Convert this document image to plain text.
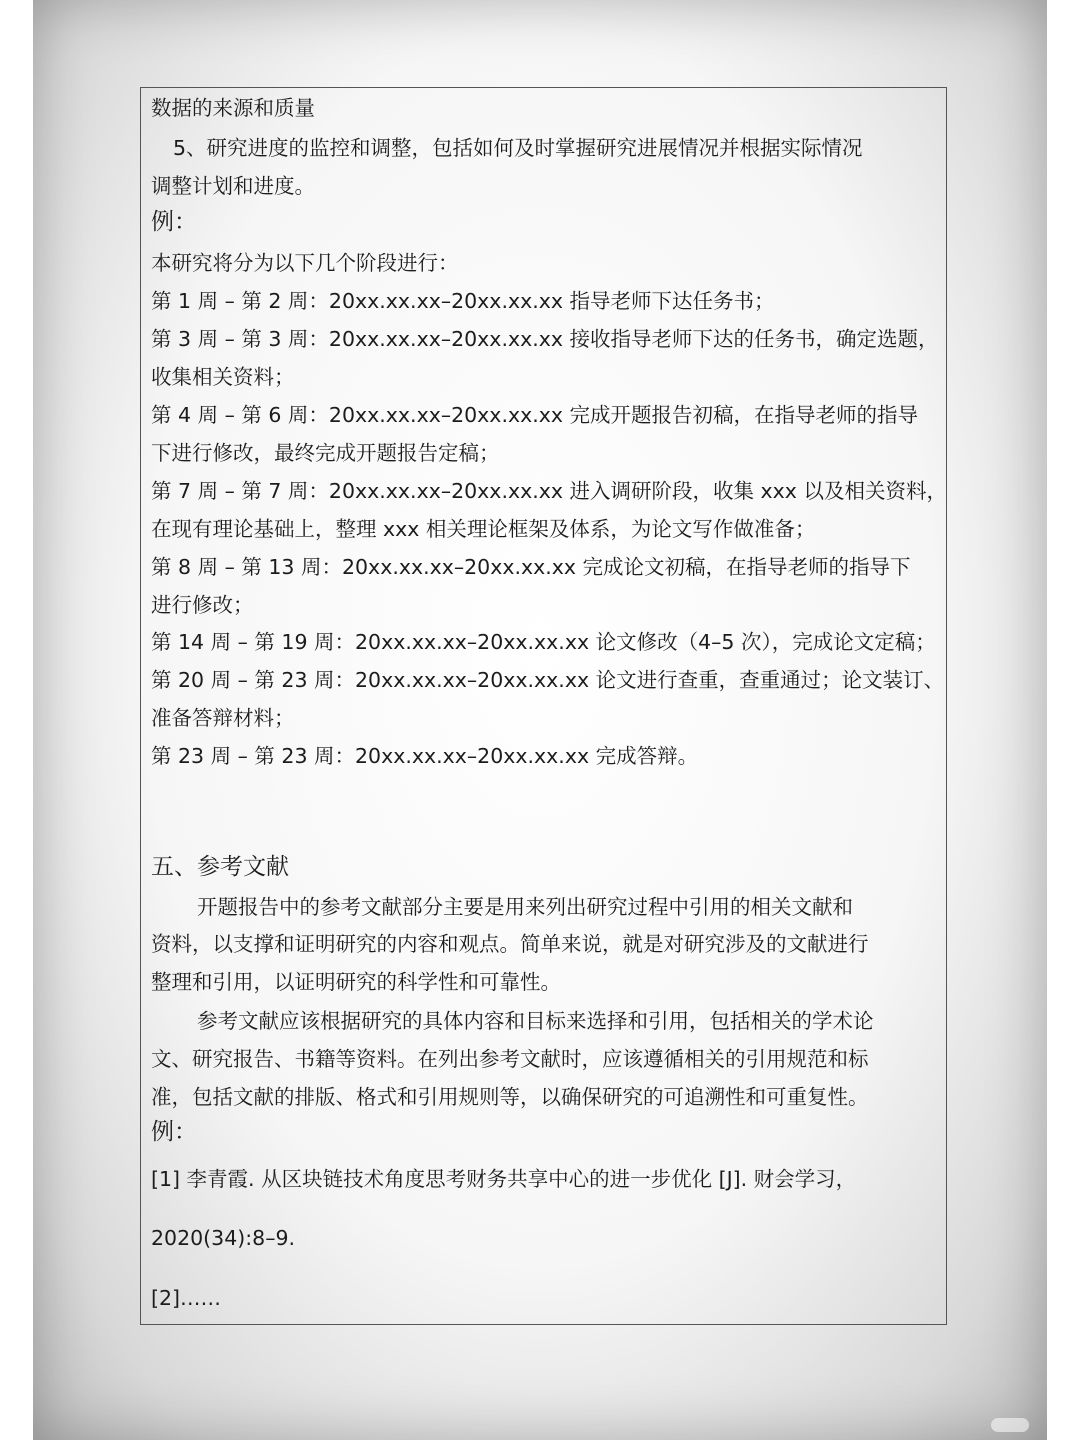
数据的来源和质量
5、研究进度的监控和调整，包括如何及时掌握研究进展情况并根据实际情况
调整计划和进度。
例：
本研究将分为以下几个阶段进行：
第 1 周 – 第 2 周：20xx.xx.xx–20xx.xx.xx 指导老师下达任务书；
第 3 周 – 第 3 周：20xx.xx.xx–20xx.xx.xx 接收指导老师下达的任务书，确定选题，
收集相关资料；
第 4 周 – 第 6 周：20xx.xx.xx–20xx.xx.xx 完成开题报告初稿，在指导老师的指导
下进行修改，最终完成开题报告定稿；
第 7 周 – 第 7 周：20xx.xx.xx–20xx.xx.xx 进入调研阶段，收集 xxx 以及相关资料，
在现有理论基础上，整理 xxx 相关理论框架及体系，为论文写作做准备；
第 8 周 – 第 13 周：20xx.xx.xx–20xx.xx.xx 完成论文初稿，在指导老师的指导下
进行修改；
第 14 周 – 第 19 周：20xx.xx.xx–20xx.xx.xx 论文修改（4–5 次），完成论文定稿；
第 20 周 – 第 23 周：20xx.xx.xx–20xx.xx.xx 论文进行查重，查重通过；论文装订、
准备答辩材料；
第 23 周 – 第 23 周：20xx.xx.xx–20xx.xx.xx 完成答辩。
五、参考文献
开题报告中的参考文献部分主要是用来列出研究过程中引用的相关文献和
资料，以支撑和证明研究的内容和观点。简单来说，就是对研究涉及的文献进行
整理和引用，以证明研究的科学性和可靠性。
参考文献应该根据研究的具体内容和目标来选择和引用，包括相关的学术论
文、研究报告、书籍等资料。在列出参考文献时，应该遵循相关的引用规范和标
准，包括文献的排版、格式和引用规则等，以确保研究的可追溯性和可重复性。
例：
[1] 李青霞. 从区块链技术角度思考财务共享中心的进一步优化 [J]. 财会学习，
2020(34):8–9.
[2]……
